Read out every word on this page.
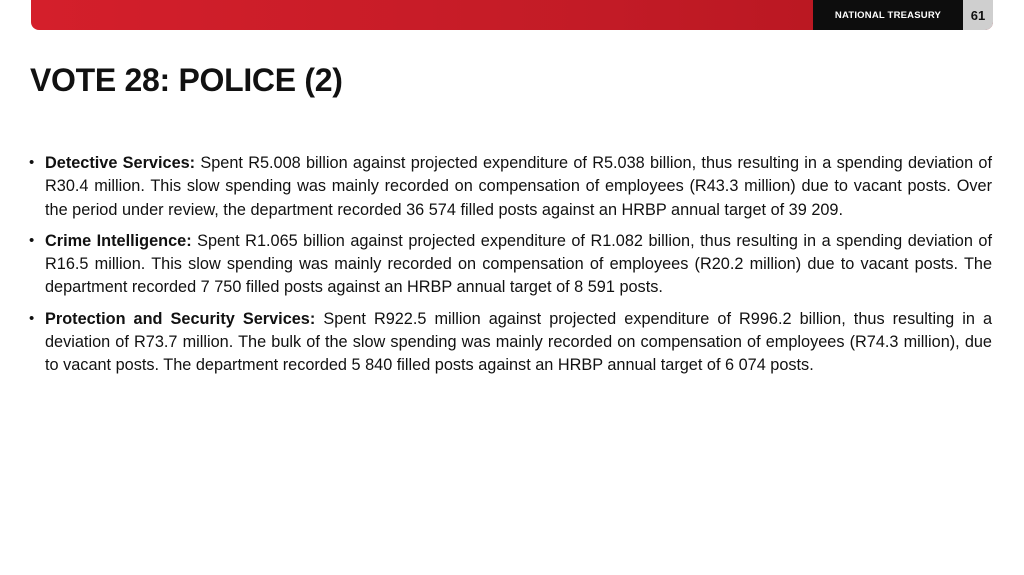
NATIONAL TREASURY	61
VOTE 28: POLICE (2)
• Detective Services: Spent R5.008 billion against projected expenditure of R5.038 billion, thus resulting in a spending deviation of R30.4 million. This slow spending was mainly recorded on compensation of employees (R43.3 million) due to vacant posts. Over the period under review, the department recorded 36 574 filled posts against an HRBP annual target of 39 209.
• Crime Intelligence: Spent R1.065 billion against projected expenditure of R1.082 billion, thus resulting in a spending deviation of R16.5 million. This slow spending was mainly recorded on compensation of employees (R20.2 million) due to vacant posts. The department recorded 7 750 filled posts against an HRBP annual target of 8 591 posts.
• Protection and Security Services: Spent R922.5 million against projected expenditure of R996.2 billion, thus resulting in a deviation of R73.7 million. The bulk of the slow spending was mainly recorded on compensation of employees (R74.3 million), due to vacant posts. The department recorded 5 840 filled posts against an HRBP annual target of 6 074 posts.
